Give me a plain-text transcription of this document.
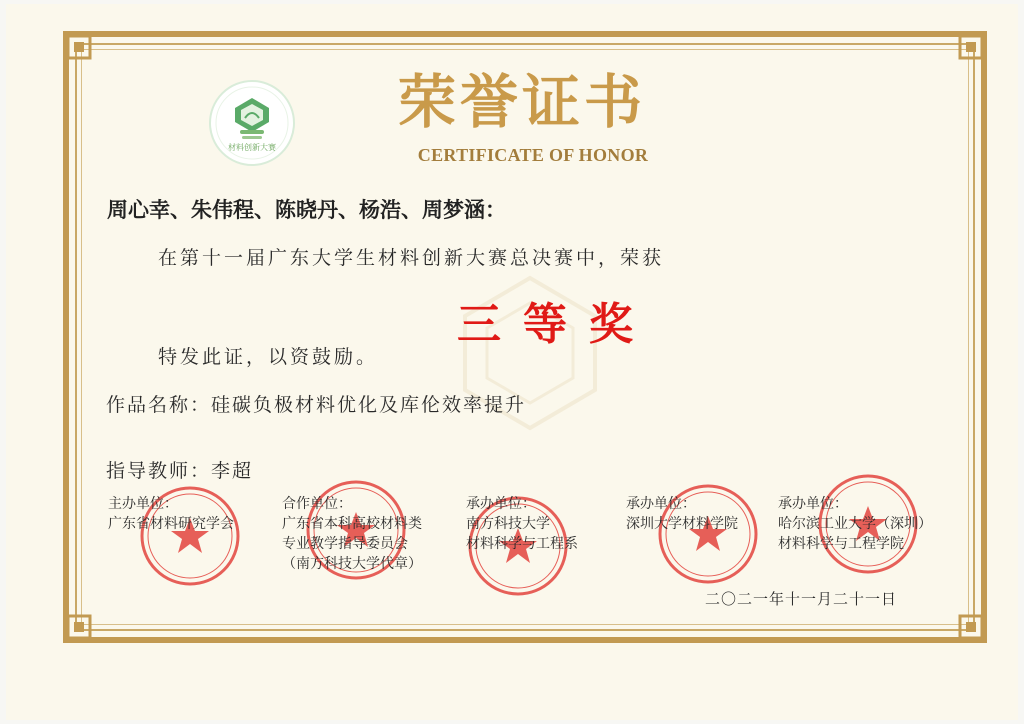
材料创新大赛
荣誉证书
CERTIFICATE OF HONOR
周心幸、朱伟程、陈晓丹、杨浩、周梦涵：
在第十一届广东大学生材料创新大赛总决赛中，荣获
三等奖
特发此证，以资鼓励。
作品名称：硅碳负极材料优化及库伦效率提升
指导教师：李超
主办单位：
广东省材料研究学会
合作单位：
广东省本科高校材料类
专业教学指导委员会
（南方科技大学代章）
承办单位：
南方科技大学
材料科学与工程系
承办单位：
深圳大学材料学院
承办单位：
哈尔滨工业大学（深圳）
材料科学与工程学院
二〇二一年十一月二十一日
